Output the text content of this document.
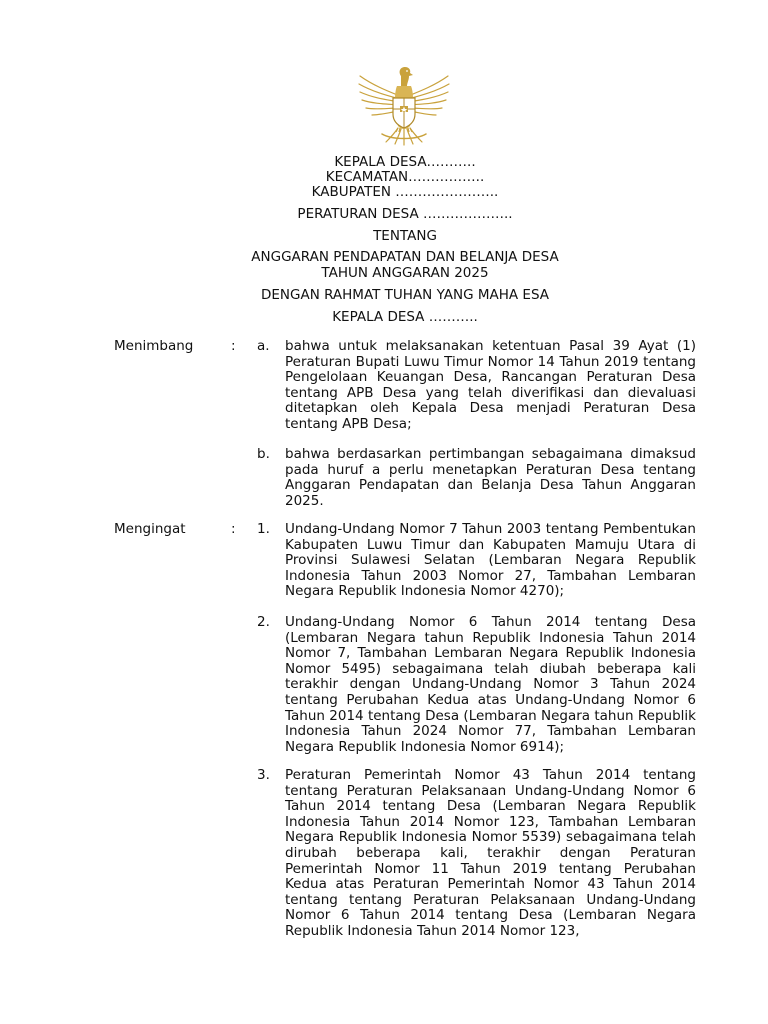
KEPALA DESA………..
KECAMATAN……………..
KABUPATEN …………………..
PERATURAN DESA ………………..
TENTANG
ANGGARAN PENDAPATAN DAN BELANJA DESA
TAHUN ANGGARAN 2025
DENGAN RAHMAT TUHAN YANG MAHA ESA
KEPALA DESA ………..
Menimbang	: a. bahwa untuk melaksanakan ketentuan Pasal 39 Ayat (1) Peraturan Bupati Luwu Timur Nomor 14 Tahun 2019 tentang Pengelolaan Keuangan Desa, Rancangan Peraturan Desa tentang APB Desa yang telah diverifikasi dan dievaluasi ditetapkan oleh Kepala Desa menjadi Peraturan Desa tentang APB Desa;
b. bahwa berdasarkan pertimbangan sebagaimana dimaksud pada huruf a perlu menetapkan Peraturan Desa tentang Anggaran Pendapatan dan Belanja Desa Tahun Anggaran 2025.
Mengingat	: 1. Undang-Undang Nomor 7 Tahun 2003 tentang Pembentukan Kabupaten Luwu Timur dan Kabupaten Mamuju Utara di Provinsi Sulawesi Selatan (Lembaran Negara Republik Indonesia Tahun 2003 Nomor 27, Tambahan Lembaran Negara Republik Indonesia Nomor 4270);
2. Undang-Undang Nomor 6 Tahun 2014 tentang Desa (Lembaran Negara tahun Republik Indonesia Tahun 2014 Nomor 7, Tambahan Lembaran Negara Republik Indonesia Nomor 5495) sebagaimana telah diubah beberapa kali terakhir dengan Undang-Undang Nomor 3 Tahun 2024 tentang Perubahan Kedua atas Undang-Undang Nomor 6 Tahun 2014 tentang Desa (Lembaran Negara tahun Republik Indonesia Tahun 2024 Nomor 77, Tambahan Lembaran Negara Republik Indonesia Nomor 6914);
3. Peraturan Pemerintah Nomor 43 Tahun 2014 tentang tentang Peraturan Pelaksanaan Undang-Undang Nomor 6 Tahun 2014 tentang Desa (Lembaran Negara Republik Indonesia Tahun 2014 Nomor 123, Tambahan Lembaran Negara Republik Indonesia Nomor 5539) sebagaimana telah dirubah beberapa kali, terakhir dengan Peraturan Pemerintah Nomor 11 Tahun 2019 tentang Perubahan Kedua atas Peraturan Pemerintah Nomor 43 Tahun 2014 tentang tentang Peraturan Pelaksanaan Undang-Undang Nomor 6 Tahun 2014 tentang Desa (Lembaran Negara Republik Indonesia Tahun 2014 Nomor 123,
